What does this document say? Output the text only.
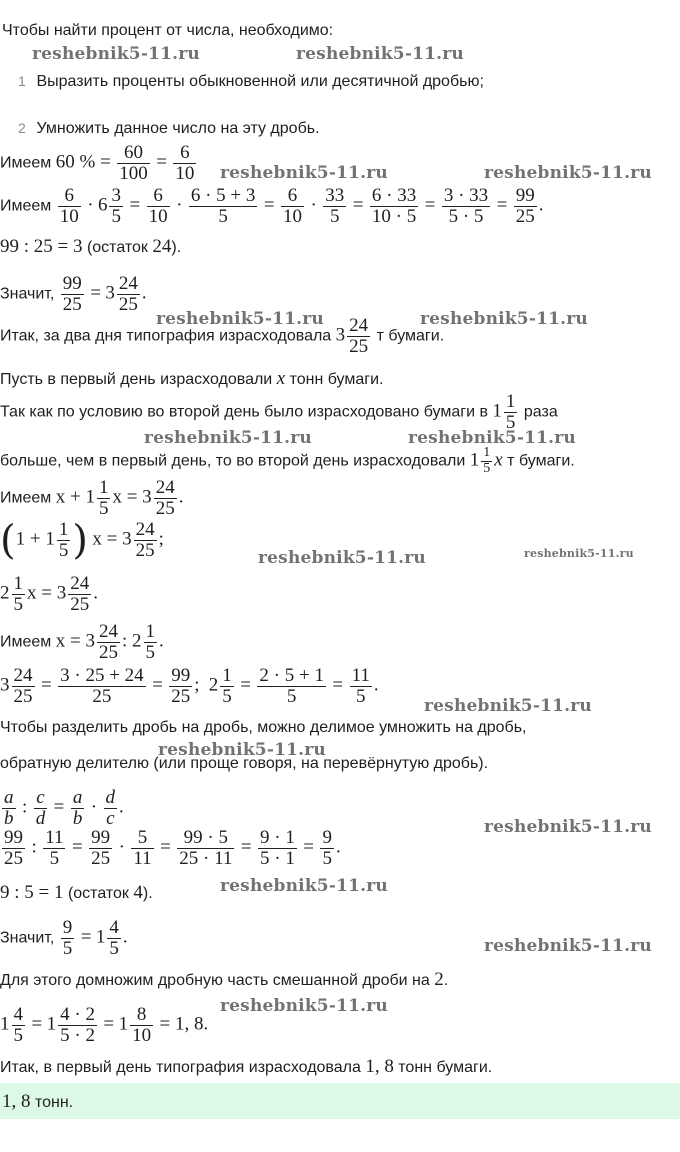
Чтобы найти процент от числа, необходимо:
1 Выразить проценты обыкновенной или десятичной дробью;
2 Умножить данное число на эту дробь.
Имеем 60 % = $\frac{60}{100} = \frac{6}{10}$
Имеем $\frac{6}{10} \cdot 6 \frac{3}{5} = \frac{6}{10} \cdot \frac{6 \cdot 5 + 3}{5} = \frac{6}{10} \cdot \frac{33}{5} = \frac{6 \cdot 33}{10 \cdot 5} = \frac{3 \cdot 33}{5 \cdot 5} = \frac{99}{25}$ .
99 : 25 = 3 (остаток 24).
Значит, $\frac{99}{25} = 3 \frac{24}{25}$ .
Итак, за два дня типография израсходовала $3 \frac{24}{25}$ т бумаги.
Пусть в первый день израсходовали x тонн бумаги.
Так как по условию во второй день было израсходовано бумаги в $1 \frac{1}{5}$ раза
больше, чем в первый день, то во второй день израсходовали $1 \frac{1}{5}$ x т бумаги.
Имеем $x + 1 \frac{1}{5}$ $x = 3 \frac{24}{25}$ .
($1 + 1 \frac{1}{5}$ ) $x = 3 \frac{24}{25}$ ;
$2 \frac{1}{5}$ $x = 3 \frac{24}{25}$ .
Имеем $x = 3 \frac{24}{25}$ : $2 \frac{1}{5}$ .
$3 \frac{24}{25} = \frac{3 \cdot 25 + 24}{25} = \frac{99}{25}$ ;  $2 \frac{1}{5} = \frac{2 \cdot 5 + 1}{5} = \frac{11}{5}$ .
Чтобы разделить дробь на дробь, можно делимое умножить на дробь,
обратную делителю (или проще говоря, на перевёрнутую дробь).
$\frac{a}{b}$ : $\frac{c}{d} = \frac{a}{b} \cdot \frac{d}{c}$ .
$\frac{99}{25}$ : $\frac{11}{5} = \frac{99}{25} \cdot \frac{5}{11} = \frac{99 \cdot 5}{25 \cdot 11} = \frac{9 \cdot 1}{5 \cdot 1} = \frac{9}{5}$ .
9 : 5 = 1 (остаток 4).
Значит, $\frac{9}{5} = 1 \frac{4}{5}$ .
Для этого домножим дробную часть смешанной дроби на 2.
$1 \frac{4}{5} = 1 \frac{4 \cdot 2}{5 \cdot 2} = 1 \frac{8}{10} = 1$, 8.
Итак, в первый день типография израсходовала 1, 8 тонн бумаги.
1, 8 тонн.
reshebnik5-11.ru	reshebnik5-11.ru
reshebnik5-11.ru	reshebnik5-11.ru
reshebnik5-11.ru	reshebnik5-11.ru
reshebnik5-11.ru	reshebnik5-11.ru
reshebnik5-11.ru	reshebnik5-11.ru
reshebnik5-11.ru
reshebnik5-11.ru
reshebnik5-11.ru
reshebnik5-11.ru
reshebnik5-11.ru
reshebnik5-11.ru
